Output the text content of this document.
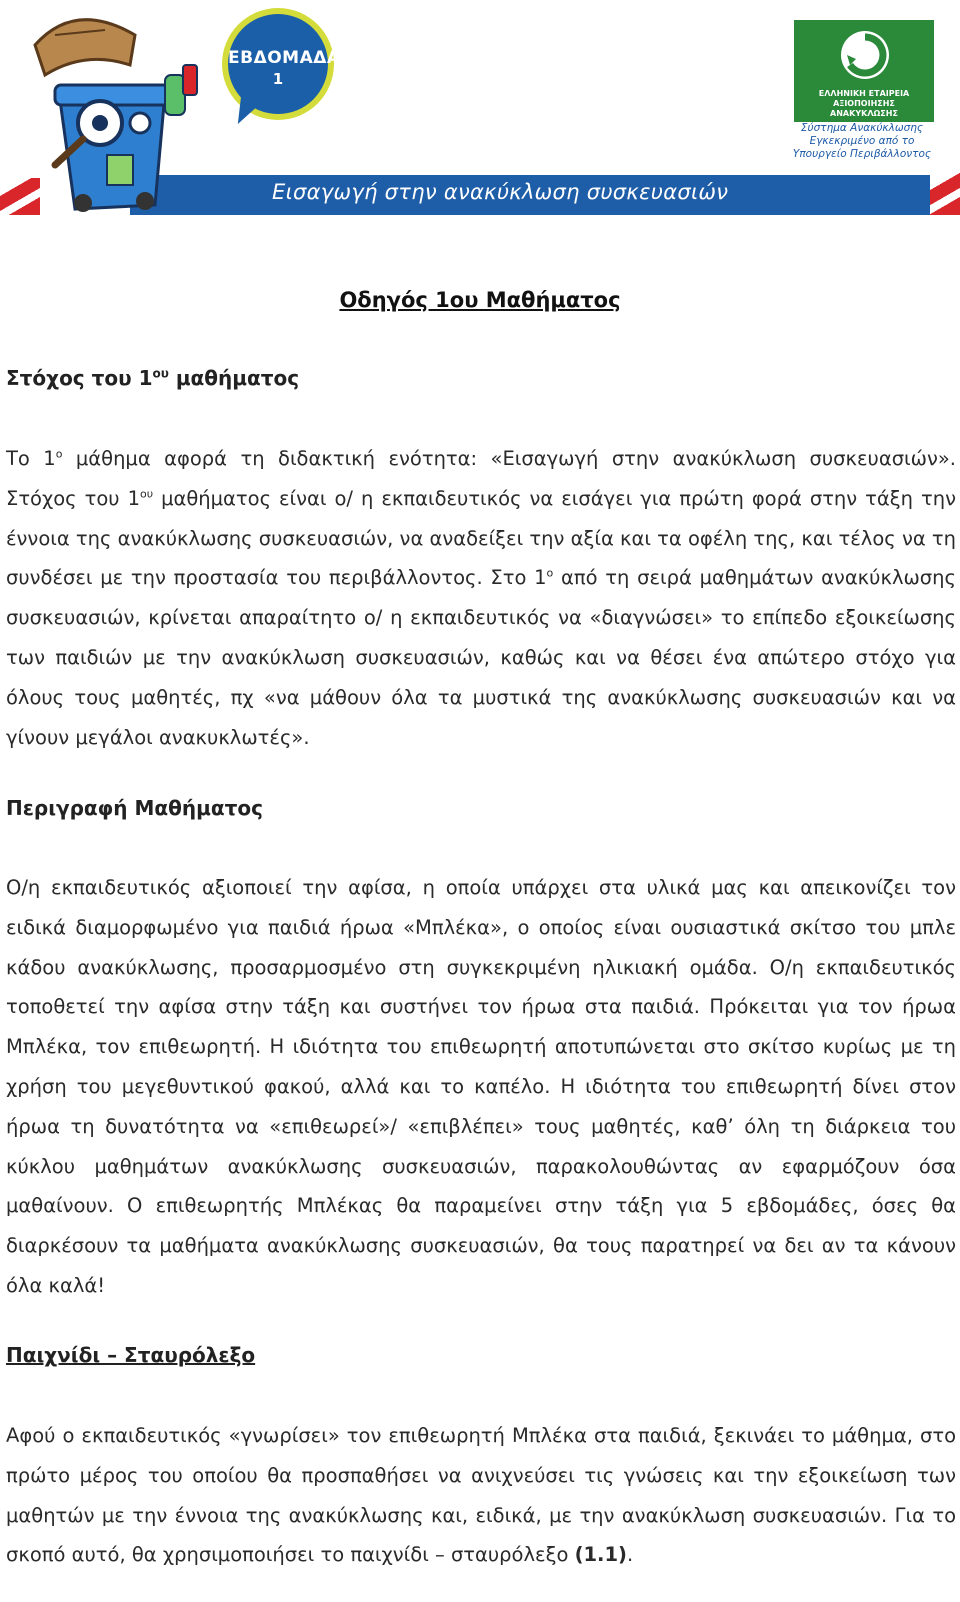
Εισαγωγή στην ανακύκλωση συσκευασιών
ΕΒΔΟΜΑΔΑ
1
ΕΛΛΗΝΙΚΗ ΕΤΑΙΡΕΙΑ ΑΞΙΟΠΟΙΗΣΗΣ ΑΝΑΚΥΚΛΩΣΗΣ
Σύστημα Ανακύκλωσης
Εγκεκριμένο από το
Υπουργείο Περιβάλλοντος
Οδηγός 1ου Μαθήματος
Στόχος του $1^{o\upsilon}$ μαθήματος

Το $1^o$ μάθημα αφορά τη διδακτική ενότητα: «Εισαγωγή στην ανακύκλωση συσκευασιών». Στόχος του $1^{o\upsilon}$ μαθήματος είναι ο/ η εκπαιδευτικός να εισάγει για πρώτη φορά στην τάξη την έννοια της ανακύκλωσης συσκευασιών, να αναδείξει την αξία και τα οφέλη της, και τέλος να τη συνδέσει με την προστασία του περιβάλλοντος. Στο $1^o$ από τη σειρά μαθημάτων ανακύκλωσης συσκευασιών, κρίνεται απαραίτητο ο/ η εκπαιδευτικός να «διαγνώσει» το επίπεδο εξοικείωσης των παιδιών με την ανακύκλωση συσκευασιών, καθώς και να θέσει ένα απώτερο στόχο για όλους τους μαθητές, πχ «να μάθουν όλα τα μυστικά της ανακύκλωσης συσκευασιών και να γίνουν μεγάλοι ανακυκλωτές».

Περιγραφή Μαθήματος

Ο/η εκπαιδευτικός αξιοποιεί την αφίσα, η οποία υπάρχει στα υλικά μας και απεικονίζει τον ειδικά διαμορφωμένο για παιδιά ήρωα «Μπλέκα», ο οποίος είναι ουσιαστικά σκίτσο του μπλε κάδου ανακύκλωσης, προσαρμοσμένο στη συγκεκριμένη ηλικιακή ομάδα. Ο/η εκπαιδευτικός τοποθετεί την αφίσα στην τάξη και συστήνει τον ήρωα στα παιδιά. Πρόκειται για τον ήρωα Μπλέκα, τον επιθεωρητή. Η ιδιότητα του επιθεωρητή αποτυπώνεται στο σκίτσο κυρίως με τη χρήση του μεγεθυντικού φακού, αλλά και το καπέλο. Η ιδιότητα του επιθεωρητή δίνει στον ήρωα τη δυνατότητα να «επιθεωρεί»/ «επιβλέπει» τους μαθητές, καθ’ όλη τη διάρκεια του κύκλου μαθημάτων ανακύκλωσης συσκευασιών, παρακολουθώντας αν εφαρμόζουν όσα μαθαίνουν. Ο επιθεωρητής Μπλέκας θα παραμείνει στην τάξη για 5 εβδομάδες, όσες θα διαρκέσουν τα μαθήματα ανακύκλωσης συσκευασιών, θα τους παρατηρεί να δει αν τα κάνουν όλα καλά!

Παιχνίδι – Σταυρόλεξο

Αφού ο εκπαιδευτικός «γνωρίσει» τον επιθεωρητή Μπλέκα στα παιδιά, ξεκινάει το μάθημα, στο πρώτο μέρος του οποίου θα προσπαθήσει να ανιχνεύσει τις γνώσεις και την εξοικείωση των μαθητών με την έννοια της ανακύκλωσης και, ειδικά, με την ανακύκλωση συσκευασιών. Για το σκοπό αυτό, θα χρησιμοποιήσει το παιχνίδι – σταυρόλεξο (1.1).
